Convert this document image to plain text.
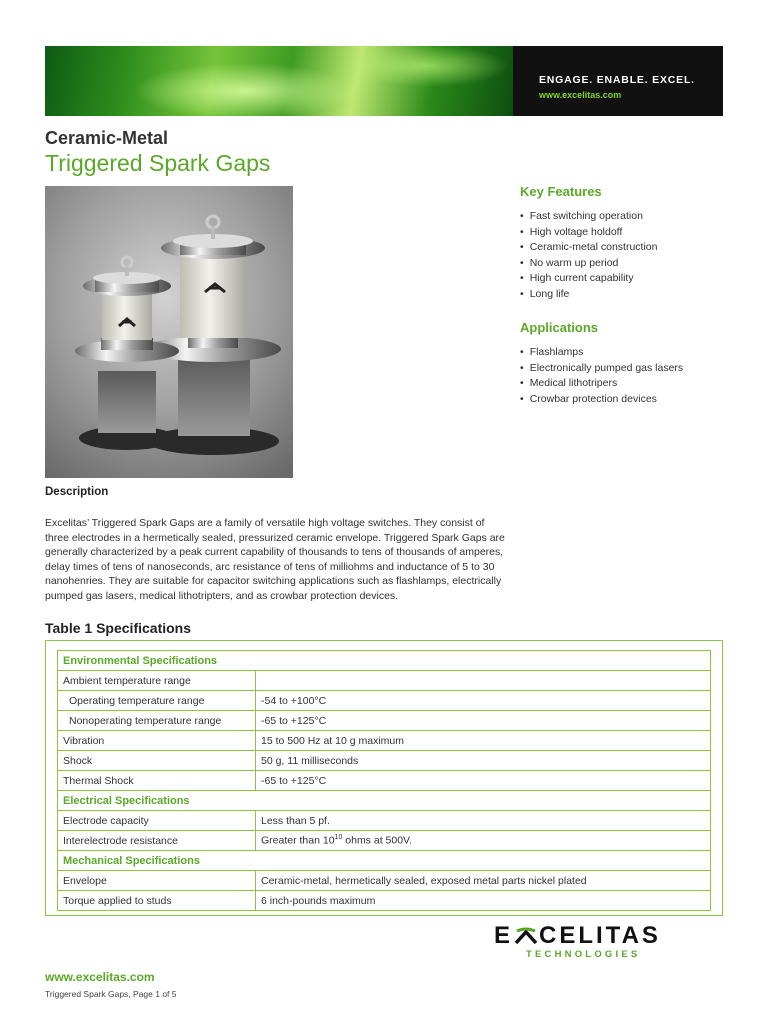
ENGAGE. ENABLE. EXCEL.
www.excelitas.com
Ceramic-Metal
Triggered Spark Gaps
Key Features
• Fast switching operation
• High voltage holdoff
• Ceramic-metal construction
• No warm up period
• High current capability
• Long life
Applications
• Flashlamps
• Electronically pumped gas lasers
• Medical lithotripers
• Crowbar protection devices
Description

Excelitas’ Triggered Spark Gaps are a family of versatile high voltage switches. They consist of three electrodes in a hermetically sealed, pressurized ceramic envelope. Triggered Spark Gaps are generally characterized by a peak current capability of thousands to tens of thousands of amperes, delay times of tens of nanoseconds, arc resistance of tens of milliohms and inductance of 5 to 30 nanohenries. They are suitable for capacitor switching applications such as flashlamps, electrically pumped gas lasers, medical lithotripters, and as crowbar protection devices.

Table 1 Specifications
Environmental Specifications	
Ambient temperature range	
Operating temperature range	-54 to +100°C
Nonoperating temperature range	-65 to +125°C
Vibration	15 to 500 Hz at 10 g maximum
Shock	50 g, 11 milliseconds
Thermal Shock	-65 to +125°C
Electrical Specifications	
Electrode capacity	Less than 5 pf.
Interelectrode resistance	Greater than $10^{10}$ ohms at 500V.
Mechanical Specifications	
Envelope	Ceramic-metal, hermetically sealed, exposed metal parts nickel plated
Torque applied to studs	6 inch-pounds maximum
E CELITAS
TECHNOLOGIES
www.excelitas.com
Triggered Spark Gaps, Page 1 of 5
